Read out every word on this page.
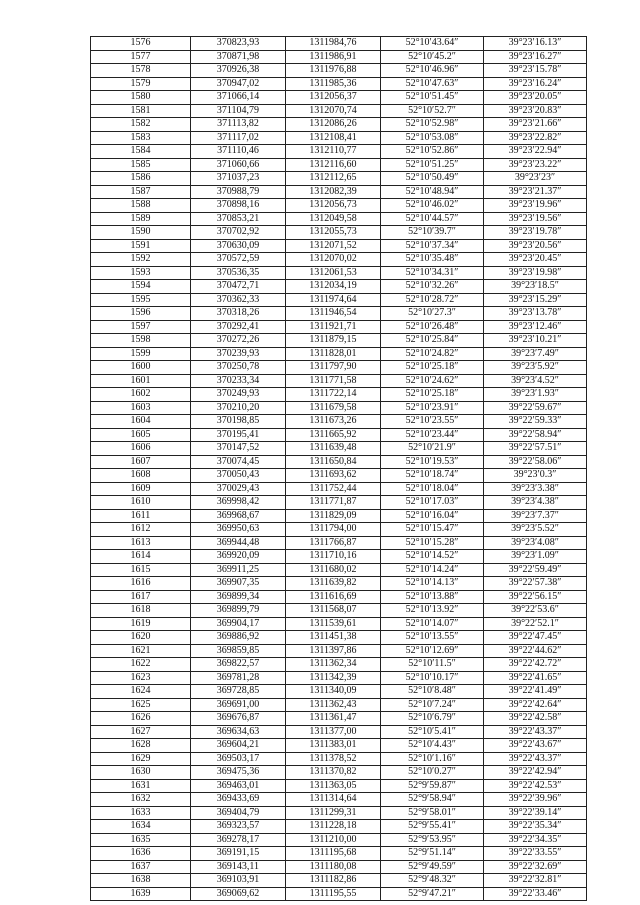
1576	370823,93	1311984,76	52°10′43.64″	39°23′16.13″
1577	370871,98	1311986,91	52°10′45.2″	39°23′16.27″
1578	370926,38	1311976,88	52°10′46.96″	39°23′15.78″
1579	370947,02	1311985,36	52°10′47.63″	39°23′16.24″
1580	371066,14	1312056,37	52°10′51.45″	39°23′20.05″
1581	371104,79	1312070,74	52°10′52.7″	39°23′20.83″
1582	371113,82	1312086,26	52°10′52.98″	39°23′21.66″
1583	371117,02	1312108,41	52°10′53.08″	39°23′22.82″
1584	371110,46	1312110,77	52°10′52.86″	39°23′22.94″
1585	371060,66	1312116,60	52°10′51.25″	39°23′23.22″
1586	371037,23	1312112,65	52°10′50.49″	39°23′23″
1587	370988,79	1312082,39	52°10′48.94″	39°23′21.37″
1588	370898,16	1312056,73	52°10′46.02″	39°23′19.96″
1589	370853,21	1312049,58	52°10′44.57″	39°23′19.56″
1590	370702,92	1312055,73	52°10′39.7″	39°23′19.78″
1591	370630,09	1312071,52	52°10′37.34″	39°23′20.56″
1592	370572,59	1312070,02	52°10′35.48″	39°23′20.45″
1593	370536,35	1312061,53	52°10′34.31″	39°23′19.98″
1594	370472,71	1312034,19	52°10′32.26″	39°23′18.5″
1595	370362,33	1311974,64	52°10′28.72″	39°23′15.29″
1596	370318,26	1311946,54	52°10′27.3″	39°23′13.78″
1597	370292,41	1311921,71	52°10′26.48″	39°23′12.46″
1598	370272,26	1311879,15	52°10′25.84″	39°23′10.21″
1599	370239,93	1311828,01	52°10′24.82″	39°23′7.49″
1600	370250,78	1311797,90	52°10′25.18″	39°23′5.92″
1601	370233,34	1311771,58	52°10′24.62″	39°23′4.52″
1602	370249,93	1311722,14	52°10′25.18″	39°23′1.93″
1603	370210,20	1311679,58	52°10′23.91″	39°22′59.67″
1604	370198,85	1311673,26	52°10′23.55″	39°22′59.33″
1605	370195,41	1311665,92	52°10′23.44″	39°22′58.94″
1606	370147,52	1311639,48	52°10′21.9″	39°22′57.51″
1607	370074,45	1311650,84	52°10′19.53″	39°22′58.06″
1608	370050,43	1311693,62	52°10′18.74″	39°23′0.3″
1609	370029,43	1311752,44	52°10′18.04″	39°23′3.38″
1610	369998,42	1311771,87	52°10′17.03″	39°23′4.38″
1611	369968,67	1311829,09	52°10′16.04″	39°23′7.37″
1612	369950,63	1311794,00	52°10′15.47″	39°23′5.52″
1613	369944,48	1311766,87	52°10′15.28″	39°23′4.08″
1614	369920,09	1311710,16	52°10′14.52″	39°23′1.09″
1615	369911,25	1311680,02	52°10′14.24″	39°22′59.49″
1616	369907,35	1311639,82	52°10′14.13″	39°22′57.38″
1617	369899,34	1311616,69	52°10′13.88″	39°22′56.15″
1618	369899,79	1311568,07	52°10′13.92″	39°22′53.6″
1619	369904,17	1311539,61	52°10′14.07″	39°22′52.1″
1620	369886,92	1311451,38	52°10′13.55″	39°22′47.45″
1621	369859,85	1311397,86	52°10′12.69″	39°22′44.62″
1622	369822,57	1311362,34	52°10′11.5″	39°22′42.72″
1623	369781,28	1311342,39	52°10′10.17″	39°22′41.65″
1624	369728,85	1311340,09	52°10′8.48″	39°22′41.49″
1625	369691,00	1311362,43	52°10′7.24″	39°22′42.64″
1626	369676,87	1311361,47	52°10′6.79″	39°22′42.58″
1627	369634,63	1311377,00	52°10′5.41″	39°22′43.37″
1628	369604,21	1311383,01	52°10′4.43″	39°22′43.67″
1629	369503,17	1311378,52	52°10′1.16″	39°22′43.37″
1630	369475,36	1311370,82	52°10′0.27″	39°22′42.94″
1631	369463,01	1311363,05	52°9′59.87″	39°22′42.53″
1632	369433,69	1311314,64	52°9′58.94″	39°22′39.96″
1633	369404,79	1311299,31	52°9′58.01″	39°22′39.14″
1634	369323,57	1311228,18	52°9′55.41″	39°22′35.34″
1635	369278,17	1311210,00	52°9′53.95″	39°22′34.35″
1636	369191,15	1311195,68	52°9′51.14″	39°22′33.55″
1637	369143,11	1311180,08	52°9′49.59″	39°22′32.69″
1638	369103,91	1311182,86	52°9′48.32″	39°22′32.81″
1639	369069,62	1311195,55	52°9′47.21″	39°22′33.46″
